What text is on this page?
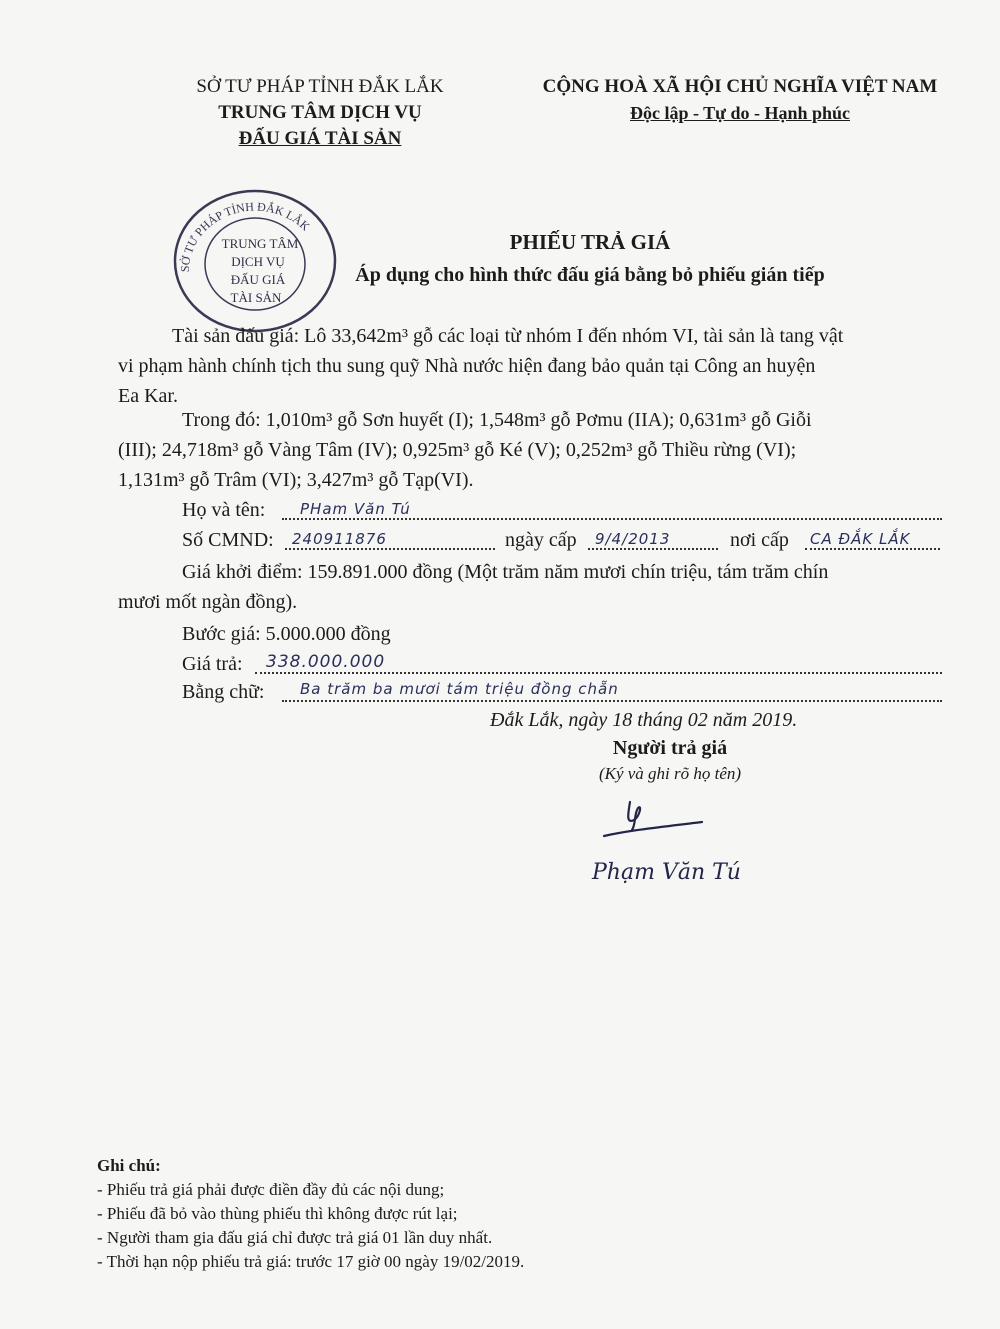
SỞ TƯ PHÁP TỈNH ĐẮK LẮK
TRUNG TÂM DỊCH VỤ
ĐẤU GIÁ TÀI SẢN
CỘNG HOÀ XÃ HỘI CHỦ NGHĨA VIỆT NAM
Độc lập - Tự do - Hạnh phúc
SỞ TƯ PHÁP TỈNH ĐẮK LẮK
TRUNG TÂM
DỊCH VỤ
ĐẤU GIÁ
TÀI SẢN
PHIẾU TRẢ GIÁ
Áp dụng cho hình thức đấu giá bằng bỏ phiếu gián tiếp
Tài sản đấu giá: Lô 33,642m³ gỗ các loại từ nhóm I đến nhóm VI, tài sản là tang vật
vi phạm hành chính tịch thu sung quỹ Nhà nước hiện đang bảo quản tại Công an huyện
Ea Kar.
Trong đó: 1,010m³ gỗ Sơn huyết (I); 1,548m³ gỗ Pơmu (IIA); 0,631m³ gỗ Giỗi
(III); 24,718m³ gỗ Vàng Tâm (IV); 0,925m³ gỗ Ké (V); 0,252m³ gỗ Thiều rừng (VI);
1,131m³ gỗ Trâm (VI); 3,427m³ gỗ Tạp(VI).
Họ và tên: PHam Văn Tú
Số CMND: 240911876	ngày cấp 9/4/2013	nơi cấp CA ĐẮK LẮK
Giá khởi điểm: 159.891.000 đồng (Một trăm năm mươi chín triệu, tám trăm chín
mươi mốt ngàn đồng).
Bước giá: 5.000.000 đồng
Giá trả: 338.000.000
Bằng chữ: Ba trăm ba mươi tám triệu đồng chẵn
Đắk Lắk, ngày 18 tháng 02 năm 2019.
Người trả giá
(Ký và ghi rõ họ tên)
Phạm Văn Tú
Ghi chú:
- Phiếu trả giá phải được điền đầy đủ các nội dung;
- Phiếu đã bỏ vào thùng phiếu thì không được rút lại;
- Người tham gia đấu giá chỉ được trả giá 01 lần duy nhất.
- Thời hạn nộp phiếu trả giá: trước 17 giờ 00 ngày 19/02/2019.
